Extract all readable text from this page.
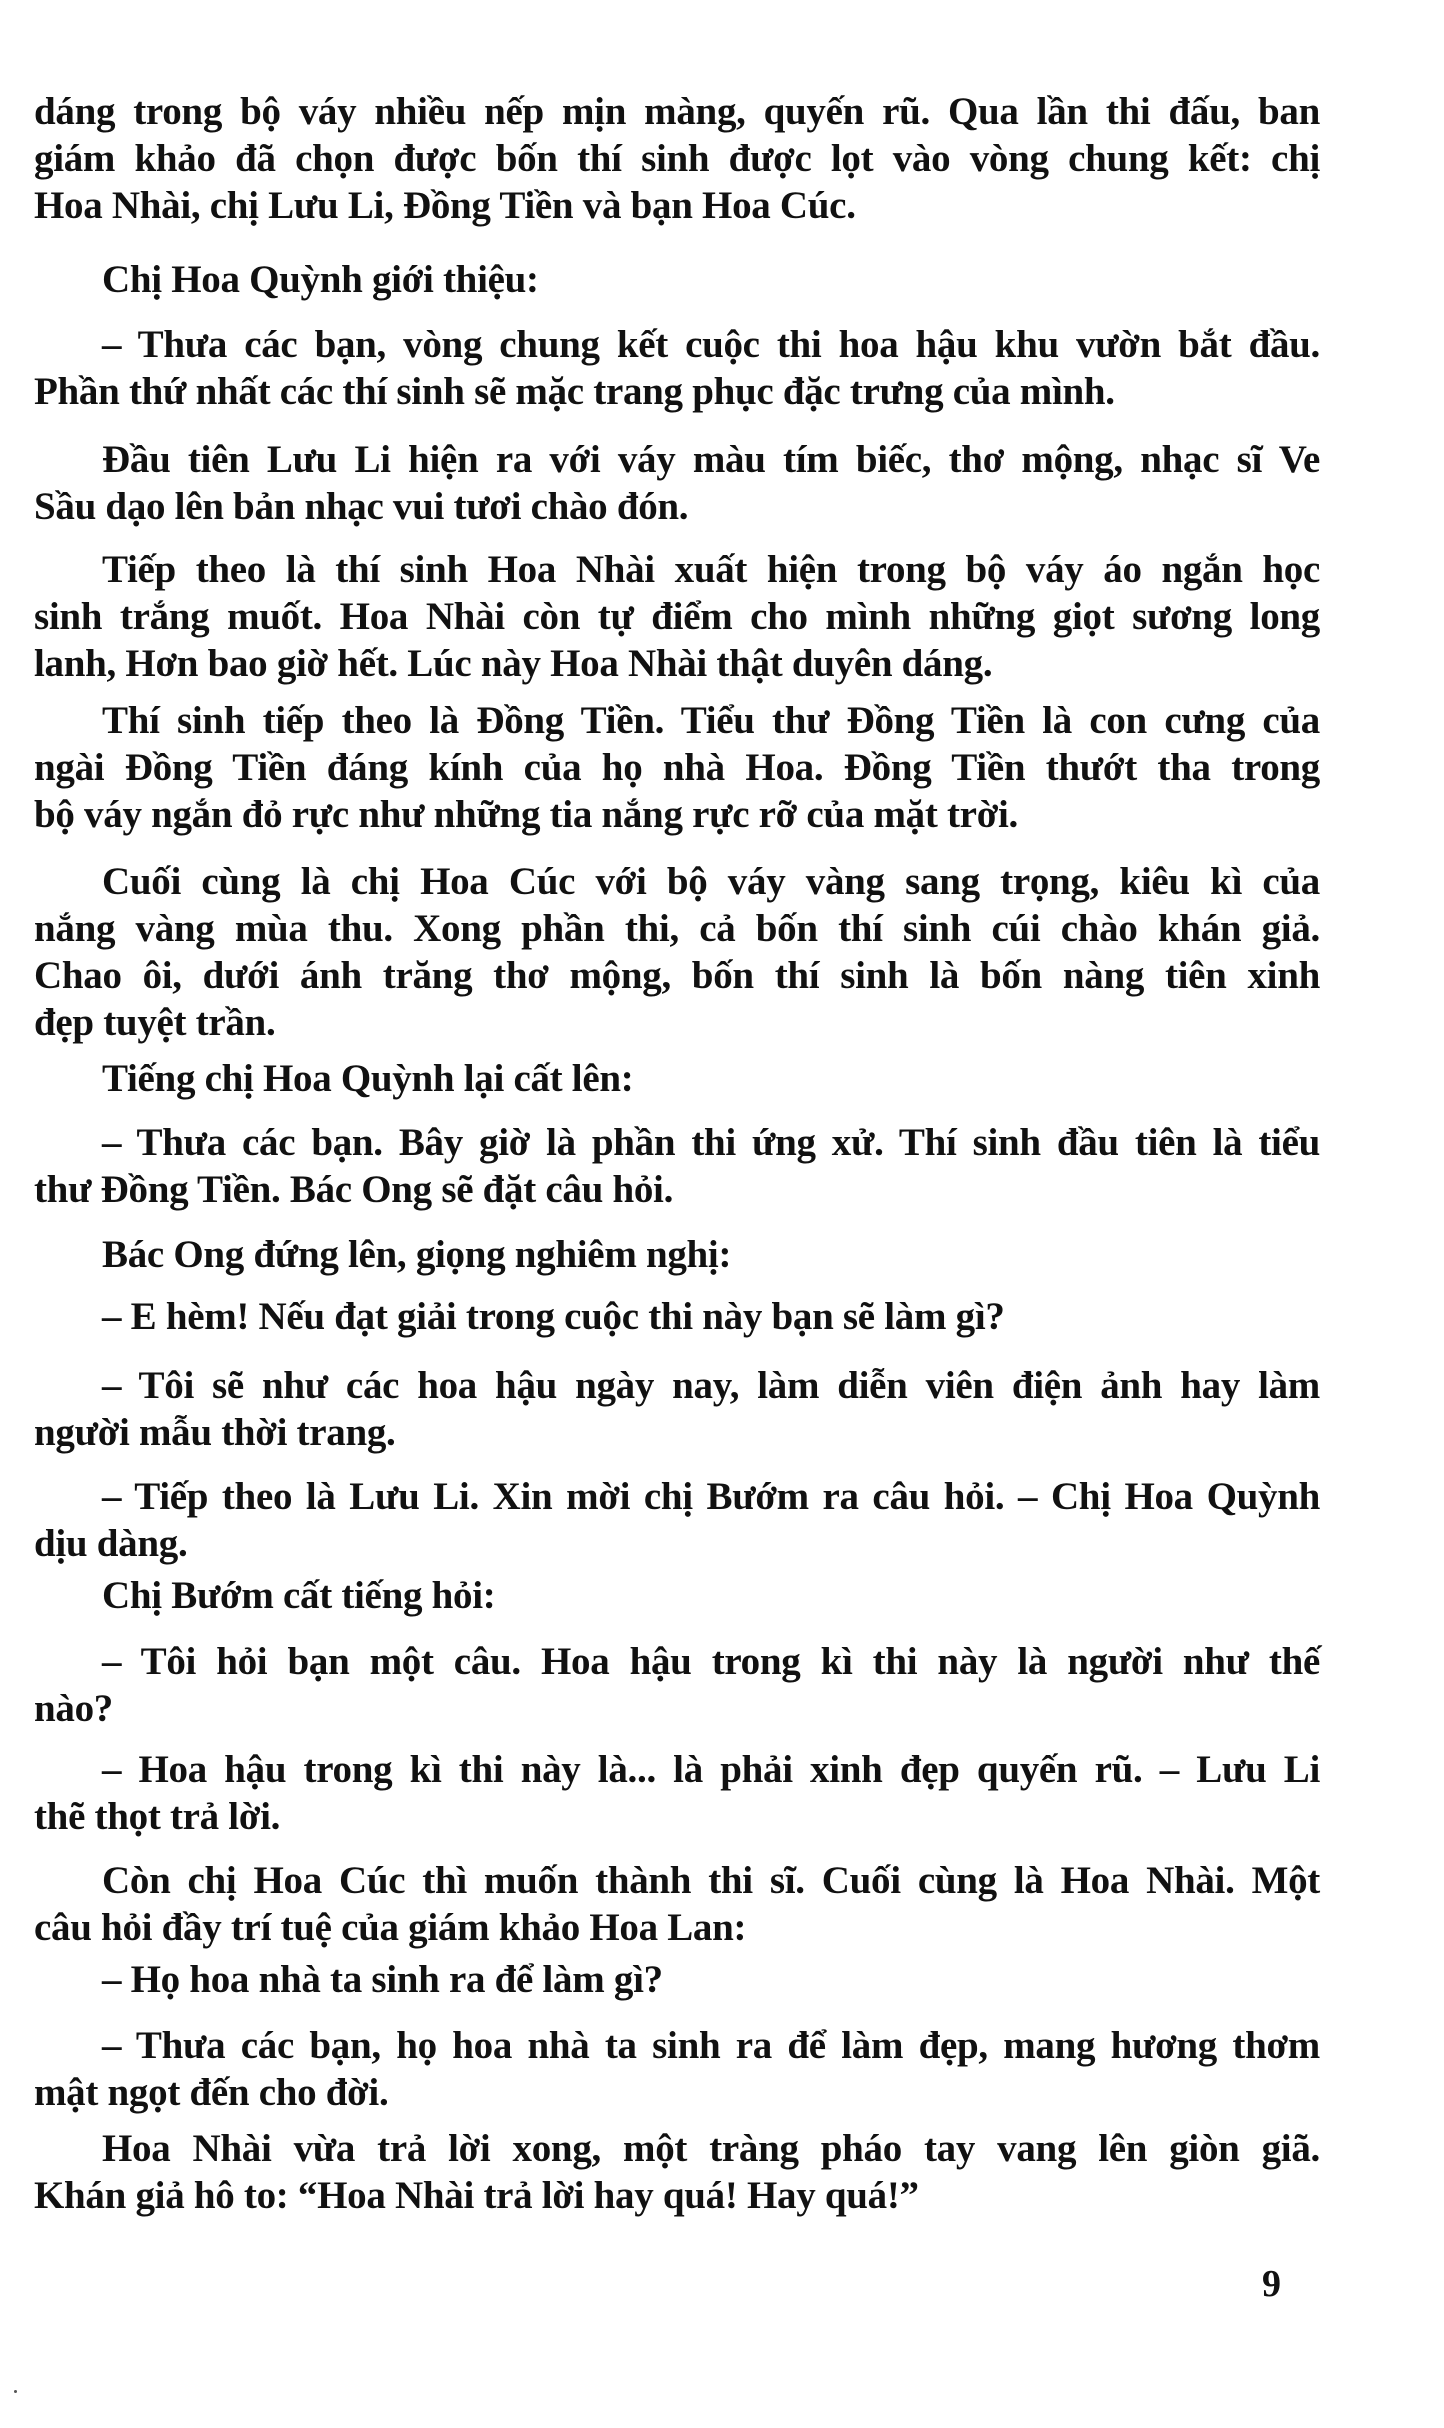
9
dáng trong bộ váy nhiều nếp mịn màng, quyến rũ. Qua lần thi đấu, ban
giám khảo đã chọn được bốn thí sinh được lọt vào vòng chung kết: chị
Hoa Nhài, chị Lưu Li, Đồng Tiền và bạn Hoa Cúc.
Chị Hoa Quỳnh giới thiệu:
– Thưa các bạn, vòng chung kết cuộc thi hoa hậu khu vườn bắt đầu.
Phần thứ nhất các thí sinh sẽ mặc trang phục đặc trưng của mình.
Đầu tiên Lưu Li hiện ra với váy màu tím biếc, thơ mộng, nhạc sĩ Ve
Sầu dạo lên bản nhạc vui tươi chào đón.
Tiếp theo là thí sinh Hoa Nhài xuất hiện trong bộ váy áo ngắn học
sinh trắng muốt. Hoa Nhài còn tự điểm cho mình những giọt sương long
lanh, Hơn bao giờ hết. Lúc này Hoa Nhài thật duyên dáng.
Thí sinh tiếp theo là Đồng Tiền. Tiểu thư Đồng Tiền là con cưng của
ngài Đồng Tiền đáng kính của họ nhà Hoa. Đồng Tiền thướt tha trong
bộ váy ngắn đỏ rực như những tia nắng rực rỡ của mặt trời.
Cuối cùng là chị Hoa Cúc với bộ váy vàng sang trọng, kiêu kì của
nắng vàng mùa thu. Xong phần thi, cả bốn thí sinh cúi chào khán giả.
Chao ôi, dưới ánh trăng thơ mộng, bốn thí sinh là bốn nàng tiên xinh
đẹp tuyệt trần.
Tiếng chị Hoa Quỳnh lại cất lên:
– Thưa các bạn. Bây giờ là phần thi ứng xử. Thí sinh đầu tiên là tiểu
thư Đồng Tiền. Bác Ong sẽ đặt câu hỏi.
Bác Ong đứng lên, giọng nghiêm nghị:
– E hèm! Nếu đạt giải trong cuộc thi này bạn sẽ làm gì?
– Tôi sẽ như các hoa hậu ngày nay, làm diễn viên điện ảnh hay làm
người mẫu thời trang.
– Tiếp theo là Lưu Li. Xin mời chị Bướm ra câu hỏi. – Chị Hoa Quỳnh
dịu dàng.
Chị Bướm cất tiếng hỏi:
– Tôi hỏi bạn một câu. Hoa hậu trong kì thi này là người như thế
nào?
– Hoa hậu trong kì thi này là... là phải xinh đẹp quyến rũ. – Lưu Li
thẽ thọt trả lời.
Còn chị Hoa Cúc thì muốn thành thi sĩ. Cuối cùng là Hoa Nhài. Một
câu hỏi đầy trí tuệ của giám khảo Hoa Lan:
– Họ hoa nhà ta sinh ra để làm gì?
– Thưa các bạn, họ hoa nhà ta sinh ra để làm đẹp, mang hương thơm
mật ngọt đến cho đời.
Hoa Nhài vừa trả lời xong, một tràng pháo tay vang lên giòn giã.
Khán giả hô to: “Hoa Nhài trả lời hay quá! Hay quá!”
